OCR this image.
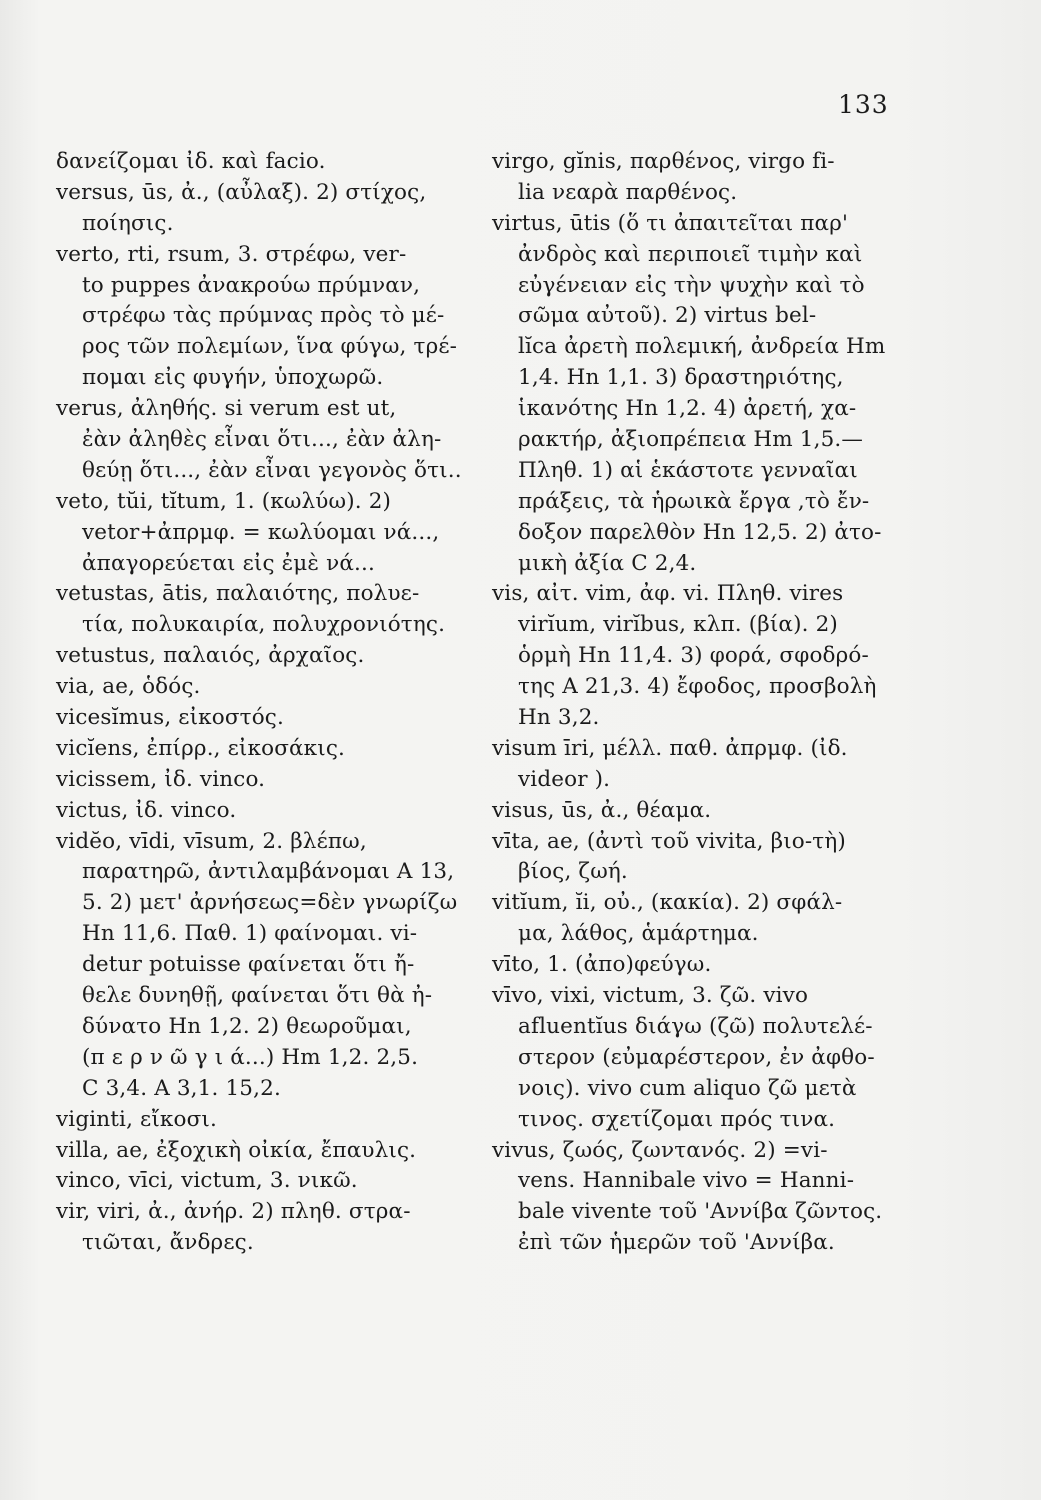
133
δανείζομαι ἰδ. καὶ facio.
versus, ūs, ἀ., (αὖλαξ). 2) στίχος,
ποίησις.
verto, rti, rsum, 3. στρέφω, ver-
to puppes ἀνακρούω πρύμναν,
στρέφω τὰς πρύμνας πρὸς τὸ μέ-
ρος τῶν πολεμίων, ἵνα φύγω, τρέ-
πομαι εἰς φυγήν, ὑποχωρῶ.
verus, ἀληθής. si verum est ut,
ἐὰν ἀληθὲς εἶναι ὅτι..., ἐὰν ἀλη-
θεύῃ ὅτι..., ἐὰν εἶναι γεγονὸς ὅτι..
veto, tŭi, tĭtum, 1. (κωλύω). 2)
vetor+ἀπρμφ. = κωλύομαι νά...,
ἀπαγορεύεται εἰς ἐμὲ νά...
vetustas, ātis, παλαιότης, πολυε-
τία, πολυκαιρία, πολυχρονιότης.
vetustus, παλαιός, ἀρχαῖος.
via, ae, ὁδός.
vicesĭmus, εἰκοστός.
vicĭens, ἐπίρρ., εἰκοσάκις.
vicissem, ἰδ. vinco.
victus, ἰδ. vinco.
vidĕo, vīdi, vīsum, 2. βλέπω,
παρατηρῶ, ἀντιλαμβάνομαι Α 13,
5. 2) μετ' ἀρνήσεως=δὲν γνωρίζω
Ηn 11,6. Παθ. 1) φαίνομαι. vi-
detur potuisse φαίνεται ὅτι ἤ-
θελε δυνηθῇ, φαίνεται ὅτι θὰ ἠ-
δύνατο Ηn 1,2. 2) θεωροῦμαι,
(π ε ρ ν ῶ γ ι ά...) Ηm 1,2. 2,5.
C 3,4. Α 3,1. 15,2.
viginti, εἴκοσι.
villa, ae, ἐξοχικὴ οἰκία, ἔπαυλις.
vinco, vīci, victum, 3. νικῶ.
vir, viri, ἀ., ἀνήρ. 2) πληθ. στρα-
τιῶται, ἄνδρες.
virgo, gĭnis, παρθένος, virgo fi-
lia νεαρὰ παρθένος.
virtus, ūtis (ὅ τι ἀπαιτεῖται παρ'
ἀνδρὸς καὶ περιποιεῖ τιμὴν καὶ
εὐγένειαν εἰς τὴν ψυχὴν καὶ τὸ
σῶμα αὐτοῦ). 2) virtus bel-
lĭca ἀρετὴ πολεμική, ἀνδρεία Ηm
1,4. Ηn 1,1. 3) δραστηριότης,
ἱκανότης Ηn 1,2. 4) ἀρετή, χα-
ρακτήρ, ἀξιοπρέπεια Ηm 1,5.—
Πληθ. 1) αἱ ἑκάστοτε γενναῖαι
πράξεις, τὰ ἡρωικὰ ἔργα ,τὸ ἔν-
δοξον παρελθὸν Ηn 12,5. 2) ἀτο-
μικὴ ἀξία C 2,4.
vis, αἰτ. vim, ἀφ. vi. Πληθ. vires
virĭum, virĭbus, κλπ. (βία). 2)
ὁρμὴ Ηn 11,4. 3) φορά, σφοδρό-
της Α 21,3. 4) ἔφοδος, προσβολὴ
Ηn 3,2.
visum īri, μέλλ. παθ. ἀπρμφ. (ἰδ.
videor ).
visus, ūs, ἀ., θέαμα.
vīta, ae, (ἀντὶ τοῦ vivita, βιο-τὴ)
βίος, ζωή.
vitĭum, ĭi, οὐ., (κακία). 2) σφάλ-
μα, λάθος, ἁμάρτημα.
vīto, 1. (ἀπο)φεύγω.
vīvo, vixi, victum, 3. ζῶ. vivo
afluentĭus διάγω (ζῶ) πολυτελέ-
στερον (εὐμαρέστερον, ἐν ἀφθο-
νοις). vivo cum aliquo ζῶ μετὰ
τινος. σχετίζομαι πρός τινα.
vivus, ζωός, ζωντανός. 2) =vi-
vens. Hannibale vivo = Hanni-
bale vivente τοῦ 'Αννίβα ζῶντος.
ἐπὶ τῶν ἡμερῶν τοῦ 'Αννίβα.
